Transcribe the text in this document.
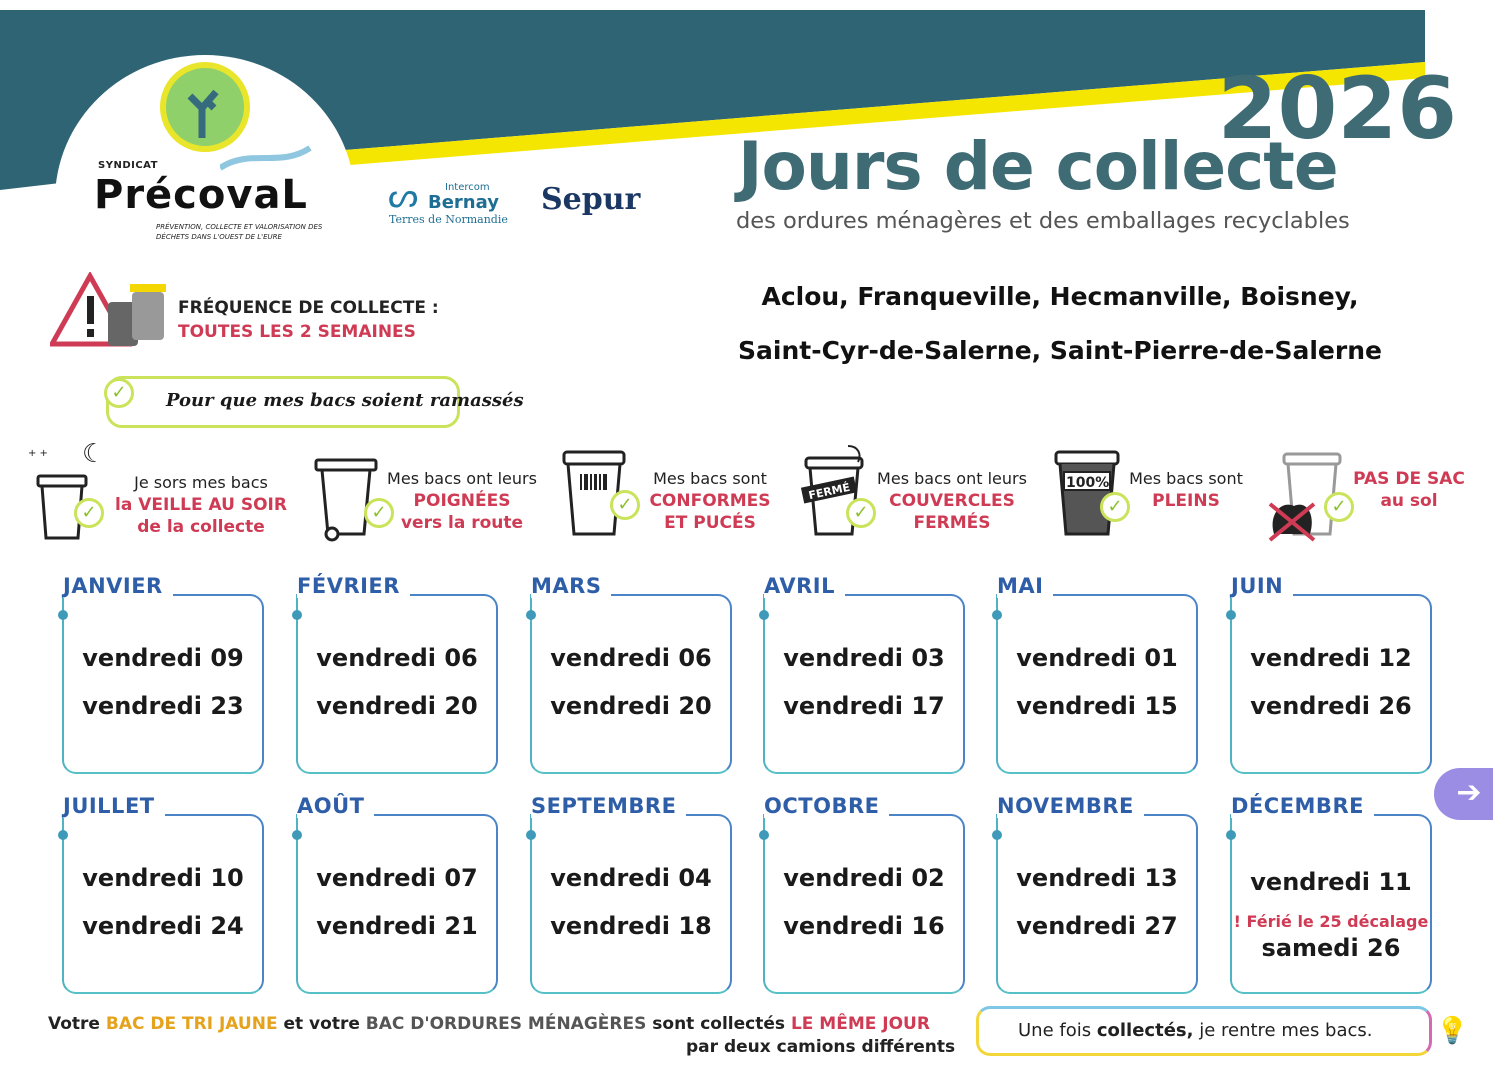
SYNDICAT
PrécovaL
PRÉVENTION, COLLECTE ET VALORISATION DES DÉCHETS DANS L'OUEST DE L'EURE
ᔕ	Intercom
Bernay
Terres de Normandie
Sepur
2026
Jours de collecte
des ordures ménagères et des emballages recyclables
Aclou, Franqueville, Hecmanville, Boisney,
Saint-Cyr-de-Salerne, Saint-Pierre-de-Salerne
FRÉQUENCE DE COLLECTE :
TOUTES LES 2 SEMAINES
✓	Pour que mes bacs soient ramassés
☾
+ +
✓
Je sors mes bacs
la VEILLE AU SOIR
de la collecte
✓
Mes bacs ont leurs
POIGNÉES
vers la route
✓
Mes bacs sont
CONFORMES
ET PUCÉS
FERMÉ
✓
Mes bacs ont leurs
COUVERCLES
FERMÉS
100%
✓
Mes bacs sont
PLEINS	✓
PAS DE SAC
au sol
JANVIER
vendredi 09
vendredi 23
FÉVRIER
vendredi 06
vendredi 20
MARS
vendredi 06
vendredi 20
AVRIL
vendredi 03
vendredi 17
MAI
vendredi 01
vendredi 15
JUIN
vendredi 12
vendredi 26
JUILLET
vendredi 10
vendredi 24
AOÛT
vendredi 07
vendredi 21
SEPTEMBRE
vendredi 04
vendredi 18
OCTOBRE
vendredi 02
vendredi 16
NOVEMBRE
vendredi 13
vendredi 27
DÉCEMBRE
vendredi 11
! Férié le 25 décalage
samedi 26
➔
Votre BAC DE TRI JAUNE et votre BAC D'ORDURES MÉNAGÈRES sont collectés LE MÊME JOUR
par deux camions différents
Une fois collectés, je rentre mes bacs. 💡
